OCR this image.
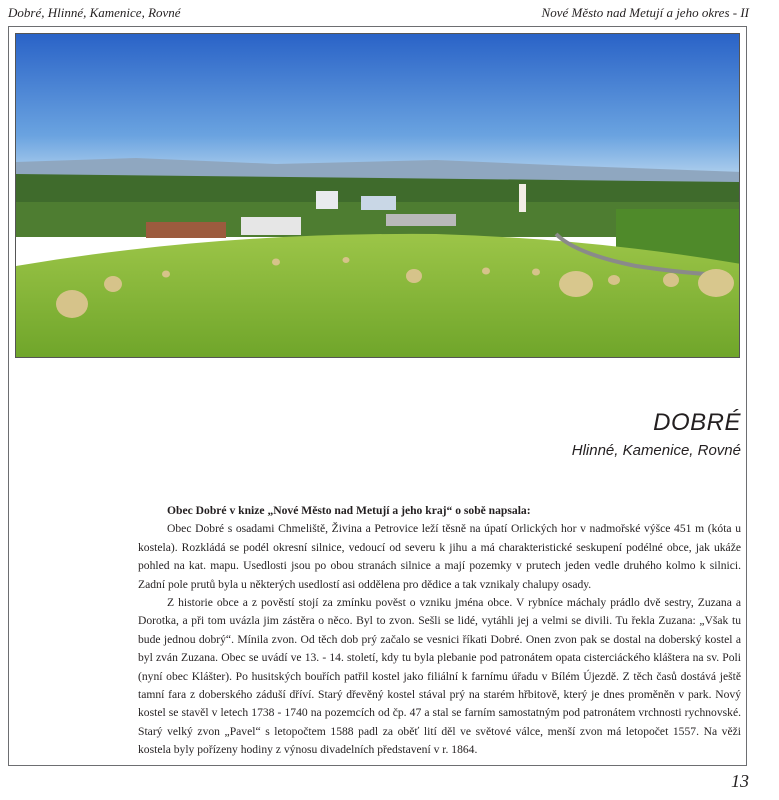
Dobré, Hlinné, Kamenice, Rovné	Nové Město nad Metují a jeho okres - II
DOBRÉ
Hlinné, Kamenice, Rovné

Obec Dobré v knize „Nové Město nad Metují a jeho kraj“ o sobě napsala:

Obec Dobré s osadami Chmeliště, Živina a Petrovice leží těsně na úpatí Orlických hor v nadmořské výšce 451 m (kóta u kostela). Rozkládá se podél okresní silnice, vedoucí od severu k jihu a má charakteristické seskupení podélné obce, jak ukáže pohled na kat. mapu. Usedlosti jsou po obou stranách silnice a mají pozemky v prutech jeden vedle druhého kolmo k silnici. Zadní pole prutů byla u některých usedlostí asi oddělena pro dědice a tak vznikaly chalupy osady.

Z historie obce a z pověstí stojí za zmínku pověst o vzniku jména obce. V rybníce máchaly prádlo dvě sestry, Zuzana a Dorotka, a při tom uvázla jim zástěra o něco. Byl to zvon. Sešli se lidé, vytáhli jej a velmi se divili. Tu řekla Zuzana: „Však tu bude jednou dobrý“. Mínila zvon. Od těch dob prý začalo se vesnici říkati Dobré. Onen zvon pak se dostal na doberský kostel a byl zván Zuzana. Obec se uvádí ve 13. - 14. století, kdy tu byla plebanie pod patronátem opata cisterciáckého kláštera na sv. Poli (nyní obec Klášter). Po husitských bouřích patřil kostel jako filiální k farnímu úřadu v Bílém Újezdě. Z těch časů dostává ještě tamní fara z doberského záduší dříví. Starý dřevěný kostel stával prý na starém hřbitově, který je dnes proměněn v park. Nový kostel se stavěl v letech 1738 - 1740 na pozemcích od čp. 47 a stal se farním samostatným pod patronátem vrchnosti rychnovské. Starý velký zvon „Pavel“ s letopočtem 1588 padl za oběť lití děl ve světové válce, menší zvon má letopočet 1557. Na věži kostela byly pořízeny hodiny z výnosu divadelních představení v r. 1864.

13
